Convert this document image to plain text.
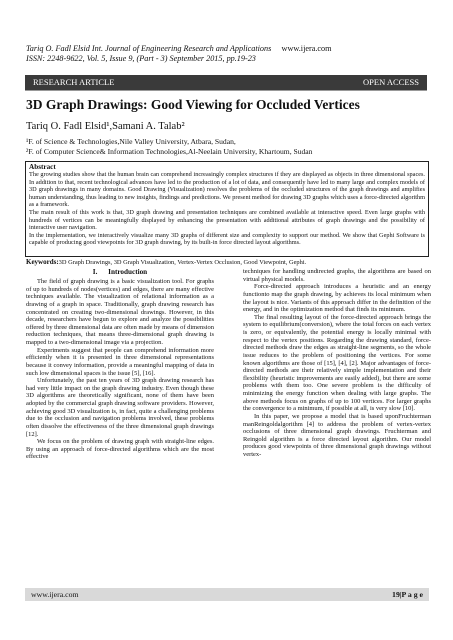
Tariq O. Fadl Elsid Int. Journal of Engineering Research and Applications www.ijera.com
ISSN: 2248-9622, Vol. 5, Issue 9, (Part - 3) September 2015, pp.19-23
RESEARCH ARTICLE	OPEN ACCESS
3D Graph Drawings: Good Viewing for Occluded Vertices
Tariq O. Fadl Elsid¹,Samani A. Talab²
¹F. of Science & Technologies,Nile Valley University, Atbara, Sudan,
²F. of Computer Science& Information Technologies,Al-Neelain University, Khartoum, Sudan
Abstract

The growing studies show that the human brain can comprehend increasingly complex structures if they are displayed as objects in three dimensional spaces. In addition to that, recent technological advances have led to the production of a lot of data, and consequently have led to many large and complex models of 3D graph drawings in many domains. Good Drawing (Visualization) resolves the problems of the occluded structures of the graph drawings and amplifies human understanding, thus leading to new insights, findings and predictions. We present method for drawing 3D graphs which uses a force-directed algorithm as a framework.

The main result of this work is that, 3D graph drawing and presentation techniques are combined available at interactive speed. Even large graphs with hundreds of vertices can be meaningfully displayed by enhancing the presentation with additional attributes of graph drawings and the possibility of interactive user navigation.

In the implementation, we interactively visualize many 3D graphs of different size and complexity to support our method. We show that Gephi Software is capable of producing good viewpoints for 3D graph drawing, by its built-in force directed layout algorithms.

Keywords:3D Graph Drawings, 3D Graph Visualization, Vertex-Vertex Occlusion, Good Viewpoint, Gephi.
I.      Introduction

The field of graph drawing is a basic visualization tool. For graphs of up to hundreds of nodes(vertices) and edges, there are many effective techniques available. The visualization of relational information as a drawing of a graph in space. Traditionally, graph drawing research has concentrated on creating two-dimensional drawings. However, in this decade, researchers have begun to explore and analyze the possibilities offered by three dimensional data are often made by means of dimension reduction techniques, that means three-dimensional graph drawing is mapped to a two-dimensional image via a projection.

Experiments suggest that people can comprehend information more efficiently when it is presented in three dimensional representations because it convey information, provide a meaningful mapping of data in such low dimensional spaces is the issue [5], [16].

Unfortunately, the past ten years of 3D graph drawing research has had very little impact on the graph drawing industry. Even though these 3D algorithms are theoretically significant, none of them have been adopted by the commercial graph drawing software providers. However, achieving good 3D visualization is, in fact, quite a challenging problems due to the occlusion and navigation problems involved, these problems often dissolve the effectiveness of the three dimensional graph drawings [12].

We focus on the problem of drawing graph with straight-line edges. By using an approach of force-directed algorithms which are the most effective

techniques for handling undirected graphs, the algorithms are based on virtual physical models.

Force-directed approach introduces a heuristic and an energy functionto map the graph drawing, by achieves its local minimum when the layout is nice. Variants of this approach differ in the definition of the energy, and in the optimization method that finds its minimum.

The final resulting layout of the force-directed approach brings the system to equilibrium(conversion), where the total forces on each vertex is zero, or equivalently, the potential energy is locally minimal with respect to the vertex positions. Regarding the drawing standard, force-directed methods draw the edges as straight-line segments, so the whole issue reduces to the problem of positioning the vertices. For some known algorithms are those of [15], [4], [2]. Major advantages of force-directed methods are their relatively simple implementation and their flexibility (heuristic improvements are easily added), but there are some problems with them too. One severe problem is the difficulty of minimizing the energy function when dealing with large graphs. The above methods focus on graphs of up to 100 vertices. For larger graphs the convergence to a minimum, if possible at all, is very slow [10].

In this paper, we propose a model that is based uponFruchterman manReingoldalgorithm [4] to address the problem of vertex-vertex occlusions of three dimensional graph drawings. Fruchterman and Reingold algorithm is a force directed layout algorithm. Our model produces good viewpoints of three dimensional graph drawings without vertex-

www.ijera.com	19|P a g e
